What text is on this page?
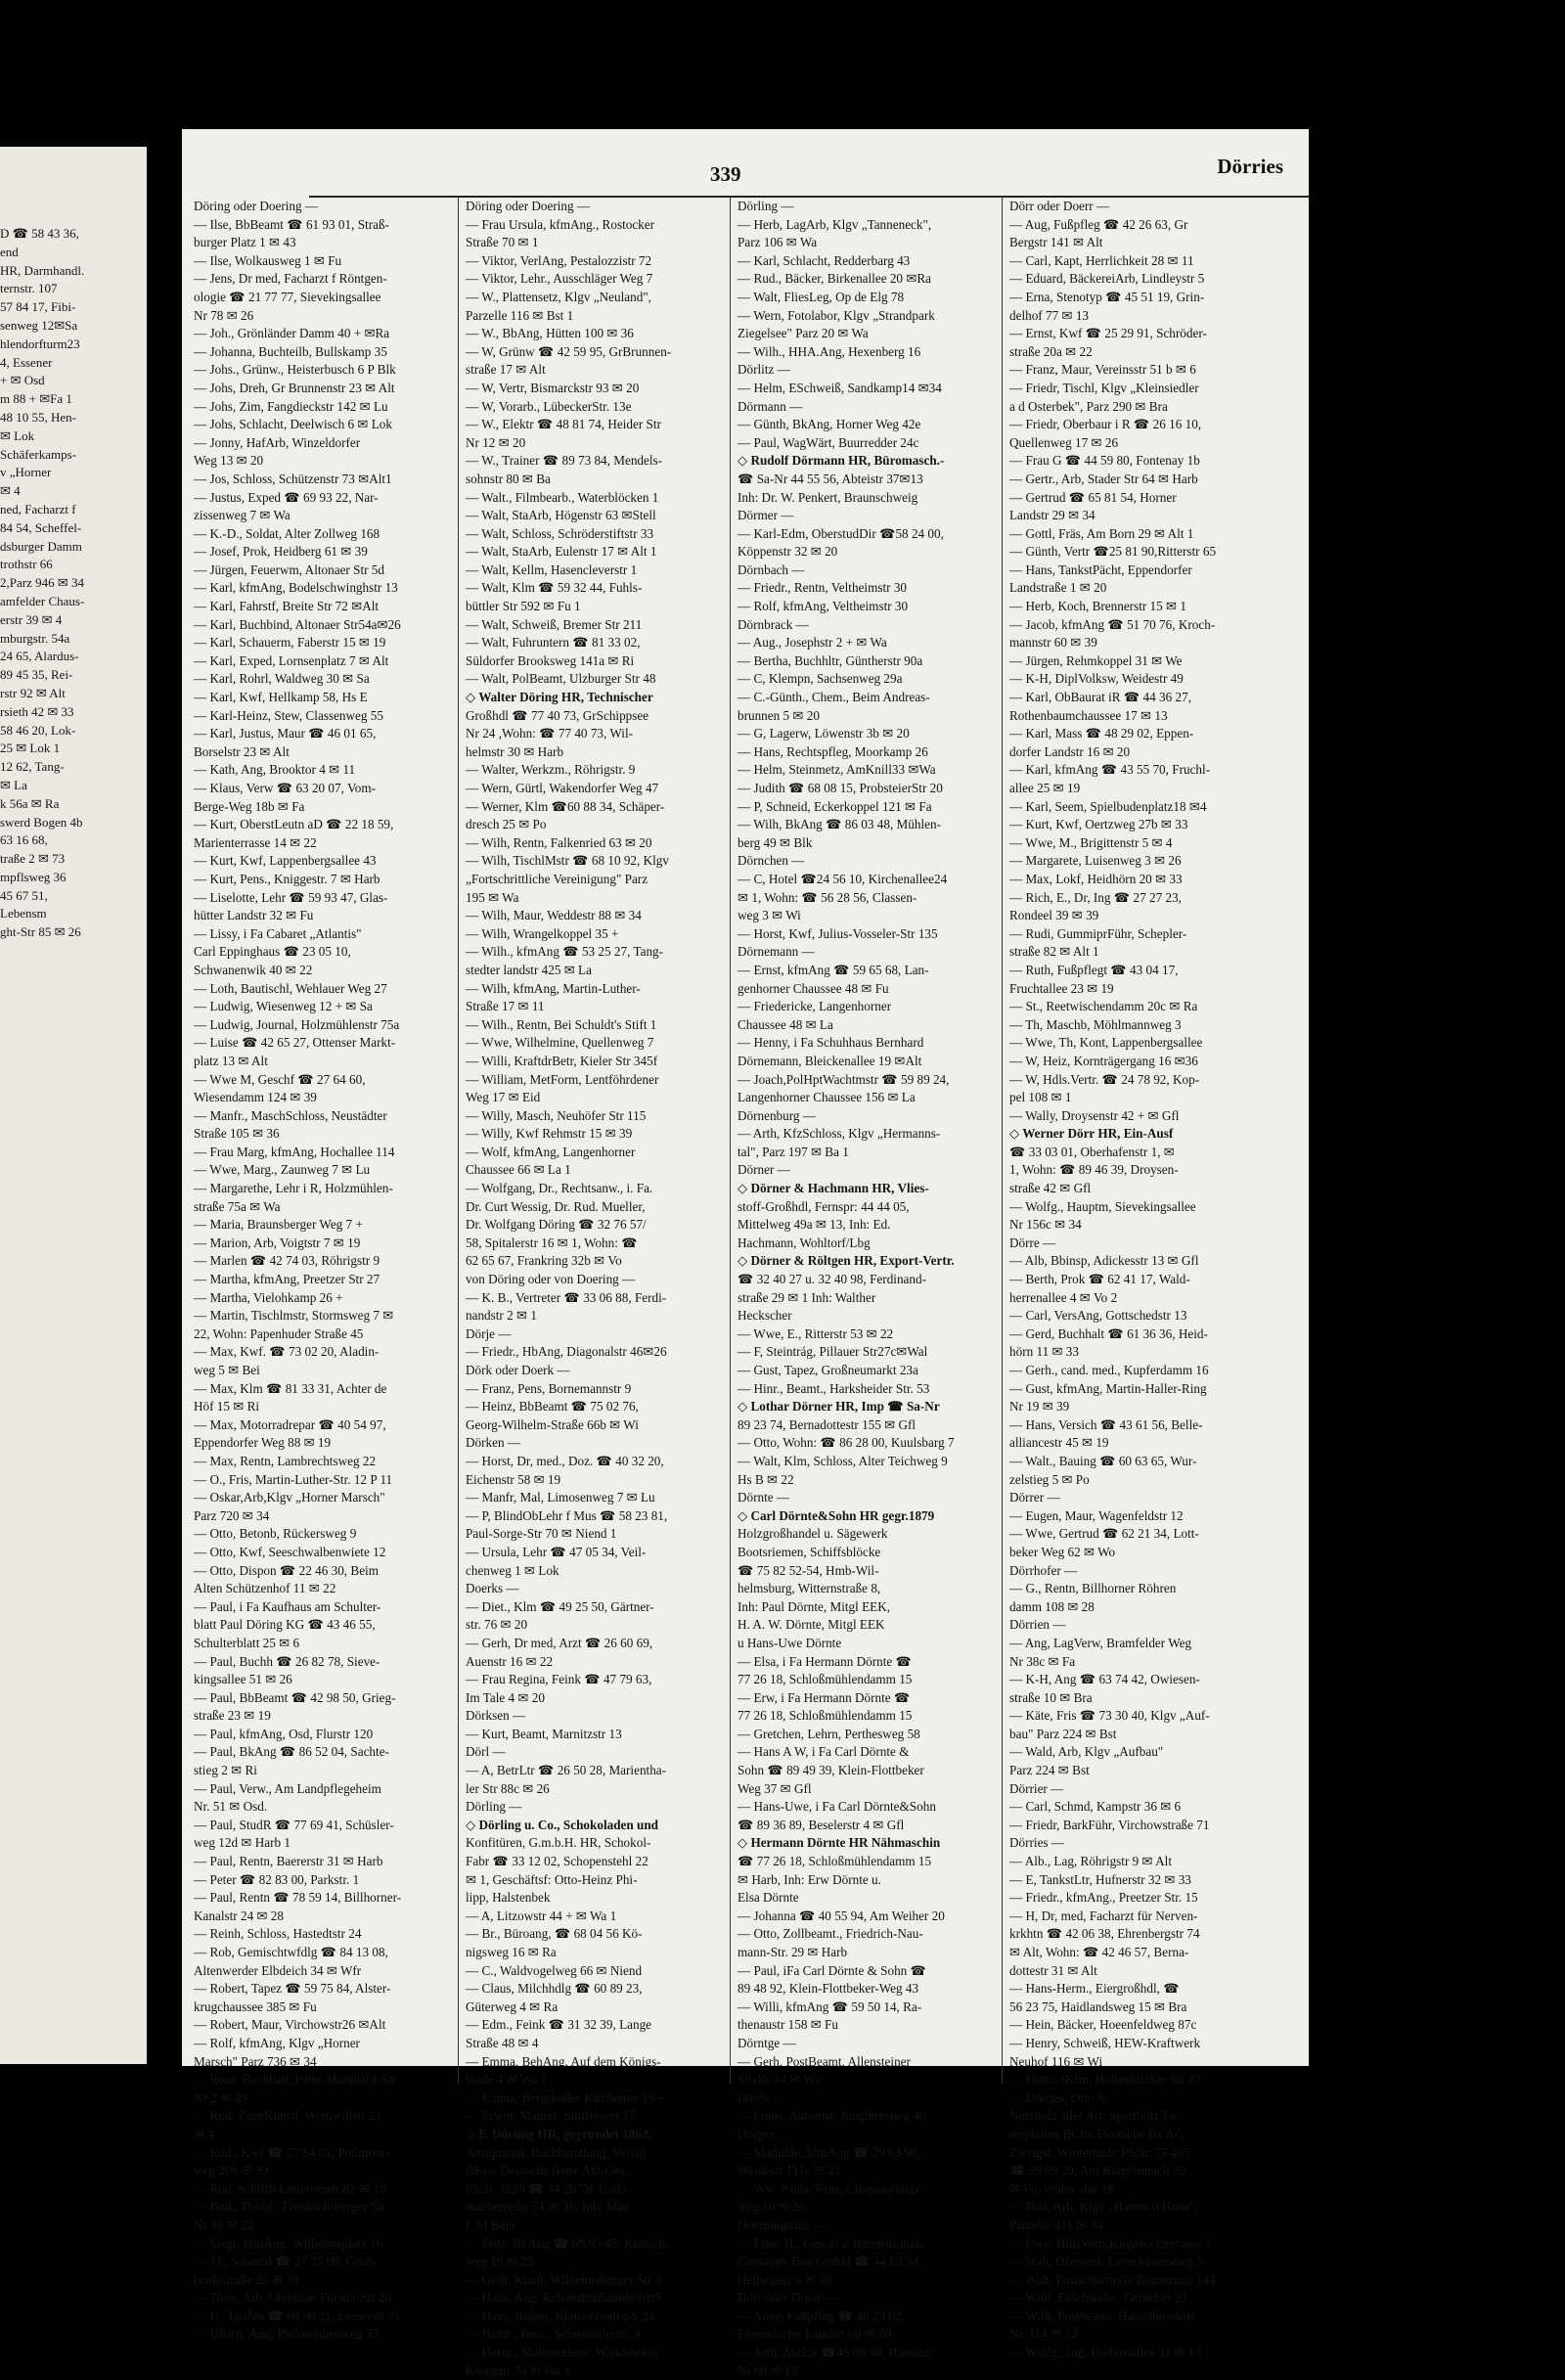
D ☎ 58 43 36,
end
HR, Darmhandl.
ternstr. 107
57 84 17, Fibi-
senweg 12✉Sa
hlendorfturm23
4, Essener
+ ✉ Osd
m 88 + ✉Fa 1
48 10 55, Hen-
✉ Lok
Schäferkamps-
v „Horner
✉ 4
ned, Facharzt f
84 54, Scheffel-
dsburger Damm
trothstr 66
2,Parz 946 ✉ 34
amfelder Chaus-
erstr 39 ✉ 4
mburgstr. 54a
24 65, Alardus-
89 45 35, Rei-
rstr 92 ✉ Alt
rsieth 42 ✉ 33
58 46 20, Lok-
25 ✉ Lok 1
12 62, Tang-
✉ La
k 56a ✉ Ra
swerd Bogen 4b
63 16 68,
traße 2 ✉ 73
mpflsweg 36
45 67 51,
Lebensm
ght-Str 85 ✉ 26
339	Dörries
Döring oder Doering —
— Ilse, BbBeamt ☎ 61 93 01, Straß-
burger Platz 1 ✉ 43
— Ilse, Wolkausweg 1 ✉ Fu
— Jens, Dr med, Facharzt f Röntgen-
ologie ☎ 21 77 77, Sievekingsallee
Nr 78 ✉ 26
— Joh., Grönländer Damm 40 + ✉Ra
— Johanna, Buchteilb, Bullskamp 35
— Johs., Grünw., Heisterbusch 6 P Blk
— Johs, Dreh, Gr Brunnenstr 23 ✉ Alt
— Johs, Zim, Fangdieckstr 142 ✉ Lu
— Johs, Schlacht, Deelwisch 6 ✉ Lok
— Jonny, HafArb, Winzeldorfer
Weg 13 ✉ 20
— Jos, Schloss, Schützenstr 73 ✉Alt1
— Justus, Exped ☎ 69 93 22, Nar-
zissenweg 7 ✉ Wa
— K.-D., Soldat, Alter Zollweg 168
— Josef, Prok, Heidberg 61 ✉ 39
— Jürgen, Feuerwm, Altonaer Str 5d
— Karl, kfmAng, Bodelschwinghstr 13
— Karl, Fahrstf, Breite Str 72 ✉Alt
— Karl, Buchbind, Altonaer Str54a✉26
— Karl, Schauerm, Faberstr 15 ✉ 19
— Karl, Exped, Lornsenplatz 7 ✉ Alt
— Karl, Rohrl, Waldweg 30 ✉ Sa
— Karl, Kwf, Hellkamp 58, Hs E
— Karl-Heinz, Stew, Classenweg 55
— Karl, Justus, Maur ☎ 46 01 65,
Borselstr 23 ✉ Alt
— Kath, Ang, Brooktor 4 ✉ 11
— Klaus, Verw ☎ 63 20 07, Vom-
Berge-Weg 18b ✉ Fa
— Kurt, OberstLeutn aD ☎ 22 18 59,
Marienterrasse 14 ✉ 22
— Kurt, Kwf, Lappenbergsallee 43
— Kurt, Pens., Kniggestr. 7 ✉ Harb
— Liselotte, Lehr ☎ 59 93 47, Glas-
hütter Landstr 32 ✉ Fu
— Lissy, i Fa Cabaret „Atlantis"
Carl Eppinghaus ☎ 23 05 10,
Schwanenwik 40 ✉ 22
— Loth, Bautischl, Wehlauer Weg 27
— Ludwig, Wiesenweg 12 + ✉ Sa
— Ludwig, Journal, Holzmühlenstr 75a
— Luise ☎ 42 65 27, Ottenser Markt-
platz 13 ✉ Alt
— Wwe M, Geschf ☎ 27 64 60,
Wiesendamm 124 ✉ 39
— Manfr., MaschSchloss, Neustädter
Straße 105 ✉ 36
— Frau Marg, kfmAng, Hochallee 114
— Wwe, Marg., Zaunweg 7 ✉ Lu
— Margarethe, Lehr i R, Holzmühlen-
straße 75a ✉ Wa
— Maria, Braunsberger Weg 7 +
— Marion, Arb, Voigtstr 7 ✉ 19
— Marlen ☎ 42 74 03, Röhrigstr 9
— Martha, kfmAng, Preetzer Str 27
— Martha, Vielohkamp 26 +
— Martin, Tischlmstr, Stormsweg 7 ✉
22, Wohn: Papenhuder Straße 45
— Max, Kwf. ☎ 73 02 20, Aladin-
weg 5 ✉ Bei
— Max, Klm ☎ 81 33 31, Achter de
Höf 15 ✉ Ri
— Max, Motorradrepar ☎ 40 54 97,
Eppendorfer Weg 88 ✉ 19
— Max, Rentn, Lambrechtsweg 22
— O., Fris, Martin-Luther-Str. 12 P 11
— Oskar,Arb,Klgv „Horner Marsch"
Parz 720 ✉ 34
— Otto, Betonb, Rückersweg 9
— Otto, Kwf, Seeschwalbenwiete 12
— Otto, Dispon ☎ 22 46 30, Beim
Alten Schützenhof 11 ✉ 22
— Paul, i Fa Kaufhaus am Schulter-
blatt Paul Döring KG ☎ 43 46 55,
Schulterblatt 25 ✉ 6
— Paul, Buchh ☎ 26 82 78, Sieve-
kingsallee 51 ✉ 26
— Paul, BbBeamt ☎ 42 98 50, Grieg-
straße 23 ✉ 19
— Paul, kfmAng, Osd, Flurstr 120
— Paul, BkAng ☎ 86 52 04, Sachte-
stieg 2 ✉ Ri
— Paul, Verw., Am Landpflegeheim
Nr. 51 ✉ Osd.
— Paul, StudR ☎ 77 69 41, Schüsler-
weg 12d ✉ Harb 1
— Paul, Rentn, Baererstr 31 ✉ Harb
— Peter ☎ 82 83 00, Parkstr. 1
— Paul, Rentn ☎ 78 59 14, Billhorner-
Kanalstr 24 ✉ 28
— Reinh, Schloss, Hastedtstr 24
— Rob, Gemischtwfdlg ☎ 84 13 08,
Altenwerder Elbdeich 34 ✉ Wfr
— Robert, Tapez ☎ 59 75 84, Alster-
krugchaussee 385 ✉ Fu
— Robert, Maur, Virchowstr26 ✉Alt
— Rolf, kfmAng, Klgv „Horner
Marsch" Parz 736 ✉ 34
— Rosa, Buchhalt, Peter-Marquard-Str
Nr 2 ✉ 39
— Rud, ZaubKünstl, Wohlwillstr 21
✉ 4
— Rud., Kwf ☎ 27 54 01, Poßmoor-
weg 20b ✉ 39
— Rud, Schiffb Lutterothstr 82 ✉ 19
— Rud., Tischl., Friedrichsberger Str
Nr 33 ✉ 22
— Siegr, kfmAng, Wilhelmsplatz 16
— Th, Schneid ☎ 27 35 09, Groß-
heidestraße 25 ✉ 39
— Theo, Arb, Christian-Förster-Str 20
— U., Heißm ☎ 68 90 21, Lesserstr 71
— Ulrich, Ang, Philosophenweg 33
Döring oder Doering —
— Frau Ursula, kfmAng., Rostocker
Straße 70 ✉ 1
— Viktor, VerlAng, Pestalozzistr 72
— Viktor, Lehr., Ausschläger Weg 7
— W., Plattensetz, Klgv „Neuland",
Parzelle 116 ✉ Bst 1
— W., BbAng, Hütten 100 ✉ 36
— W, Grünw ☎ 42 59 95, GrBrunnen-
straße 17 ✉ Alt
— W, Vertr, Bismarckstr 93 ✉ 20
— W, Vorarb., LübeckerStr. 13e
— W., Elektr ☎ 48 81 74, Heider Str
Nr 12 ✉ 20
— W., Trainer ☎ 89 73 84, Mendels-
sohnstr 80 ✉ Ba
— Walt., Filmbearb., Waterblöcken 1
— Walt, StaArb, Högenstr 63 ✉Stell
— Walt, Schloss, Schröderstiftstr 33
— Walt, StaArb, Eulenstr 17 ✉ Alt 1
— Walt, Kellm, Hasencleverstr 1
— Walt, Klm ☎ 59 32 44, Fuhls-
büttler Str 592 ✉ Fu 1
— Walt, Schweiß, Bremer Str 211
— Walt, Fuhruntern ☎ 81 33 02,
Süldorfer Brooksweg 141a ✉ Ri
— Walt, PolBeamt, Ulzburger Str 48
◇ Walter Döring HR, Technischer
Großhdl ☎ 77 40 73, GrSchippsee
Nr 24 ,Wohn: ☎ 77 40 73, Wil-
helmstr 30 ✉ Harb
— Walter, Werkzm., Röhrigstr. 9
— Wern, Gürtl, Wakendorfer Weg 47
— Werner, Klm ☎60 88 34, Schäper-
dresch 25 ✉ Po
— Wilh, Rentn, Falkenried 63 ✉ 20
— Wilh, TischlMstr ☎ 68 10 92, Klgv
„Fortschrittliche Vereinigung" Parz
195 ✉ Wa
— Wilh, Maur, Weddestr 88 ✉ 34
— Wilh, Wrangelkoppel 35 +
— Wilh., kfmAng ☎ 53 25 27, Tang-
stedter landstr 425 ✉ La
— Wilh, kfmAng, Martin-Luther-
Straße 17 ✉ 11
— Wilh., Rentn, Bei Schuldt's Stift 1
— Wwe, Wilhelmine, Quellenweg 7
— Willi, KraftdrBetr, Kieler Str 345f
— William, MetForm, Lentföhrdener
Weg 17 ✉ Eid
— Willy, Masch, Neuhöfer Str 115
— Willy, Kwf Rehmstr 15 ✉ 39
— Wolf, kfmAng, Langenhorner
Chaussee 66 ✉ La 1
— Wolfgang, Dr., Rechtsanw., i. Fa.
Dr. Curt Wessig, Dr. Rud. Mueller,
Dr. Wolfgang Döring ☎ 32 76 57/
58, Spitalerstr 16 ✉ 1, Wohn: ☎
62 65 67, Frankring 32b ✉ Vo
von Döring oder von Doering —
— K. B., Vertreter ☎ 33 06 88, Ferdi-
nandstr 2 ✉ 1
Dörje —
— Friedr., HbAng, Diagonalstr 46✉26
Dörk oder Doerk —
— Franz, Pens, Bornemannstr 9
— Heinz, BbBeamt ☎ 75 02 76,
Georg-Wilhelm-Straße 66b ✉ Wi
Dörken —
— Horst, Dr, med., Doz. ☎ 40 32 20,
Eichenstr 58 ✉ 19
— Manfr, Mal, Limosenweg 7 ✉ Lu
— P, BlindObLehr f Mus ☎ 58 23 81,
Paul-Sorge-Str 70 ✉ Niend 1
— Ursula, Lehr ☎ 47 05 34, Veil-
chenweg 1 ✉ Lok
Doerks —
— Diet., Klm ☎ 49 25 50, Gärtner-
str. 76 ✉ 20
— Gerh, Dr med, Arzt ☎ 26 60 69,
Auenstr 16 ✉ 22
— Frau Regina, Feink ☎ 47 79 63,
Im Tale 4 ✉ 20
Dörksen —
— Kurt, Beamt, Marnitzstr 13
Dörl —
— A, BetrLtr ☎ 26 50 28, Marientha-
ler Str 88c ✉ 26
Dörling —
◇ Dörling u. Co., Schokoladen und
Konfitüren, G.m.b.H. HR, Schokol-
Fabr ☎ 33 12 02, Schopenstehl 22
✉ 1, Geschäftsf: Otto-Heinz Phi-
lipp, Halstenbek
— A, Litzowstr 44 + ✉ Wa 1
— Br., Büroang, ☎ 68 04 56 Kö-
nigsweg 16 ✉ Ra
— C., Waldvogelweg 66 ✉ Niend
— Claus, Milchhdlg ☎ 60 89 23,
Güterweg 4 ✉ Ra
— Edm., Feink ☎ 31 32 39, Lange
Straße 48 ✉ 4
— Emma, BehAng, Auf dem Königs-
lande 4 ✉ Wa 1
— Emma, Bergstedter Kirchenstr 19 +
— Erwin, Maurer, Stüffeloort 17
◇ F. Dörling HR, gegründet 1862,
Antiquariat, Buchhandlung, Verlag
BKto: Deutsche Bank Akt-Ges.,
PSch: 1825 ☎ 34 26 78, Caffa-
macherreihe 51 ✉ 36, Inh: Max
L M Bähr
— Fritz, BkAng ☎ 69 93 45, Kranich-
weg 19 ✉ 23
— Gerh, Kranf, Wilhelmsburger Str 3
— Hans, Ang, RehstedterBahnhofstr5
— Hans, Beamt, Klaus-Groth-Str 24
— Heinr., Pens., Schweimlerstr. 4
— Herm., Malermeister, Wandsbeker
Königstr 74 ✉ Wa 1
Dörling —
— Herb, LagArb, Klgv „Tanneneck",
Parz 106 ✉ Wa
— Karl, Schlacht, Redderbarg 43
— Rud., Bäcker, Birkenallee 20 ✉Ra
— Walt, FliesLeg, Op de Elg 78
— Wern, Fotolabor, Klgv „Strandpark
Ziegelsee" Parz 20 ✉ Wa
— Wilh., HHA.Ang, Hexenberg 16
Dörlitz —
— Helm, ESchweiß, Sandkamp14 ✉34
Dörmann —
— Günth, BkAng, Horner Weg 42e
— Paul, WagWärt, Buurredder 24c
◇ Rudolf Dörmann HR, Büromasch.-
☎ Sa-Nr 44 55 56, Abteistr 37✉13
Inh: Dr. W. Penkert, Braunschweig
Dörmer —
— Karl-Edm, OberstudDir ☎58 24 00,
Köppenstr 32 ✉ 20
Dörnbach —
— Friedr., Rentn, Veltheimstr 30
— Rolf, kfmAng, Veltheimstr 30
Dörnbrack —
— Aug., Josephstr 2 + ✉ Wa
— Bertha, Buchhltr, Güntherstr 90a
— C, Klempn, Sachsenweg 29a
— C.-Günth., Chem., Beim Andreas-
brunnen 5 ✉ 20
— G, Lagerw, Löwenstr 3b ✉ 20
— Hans, Rechtspfleg, Moorkamp 26
— Helm, Steinmetz, AmKnill33 ✉Wa
— Judith ☎ 68 08 15, ProbsteierStr 20
— P, Schneid, Eckerkoppel 121 ✉ Fa
— Wilh, BkAng ☎ 86 03 48, Mühlen-
berg 49 ✉ Blk
Dörnchen —
— C, Hotel ☎24 56 10, Kirchenallee24
✉ 1, Wohn: ☎ 56 28 56, Classen-
weg 3 ✉ Wi
— Horst, Kwf, Julius-Vosseler-Str 135
Dörnemann —
— Ernst, kfmAng ☎ 59 65 68, Lan-
genhorner Chaussee 48 ✉ Fu
— Friedericke, Langenhorner
Chaussee 48 ✉ La
— Henny, i Fa Schuhhaus Bernhard
Dörnemann, Bleickenallee 19 ✉Alt
— Joach,PolHptWachtmstr ☎ 59 89 24,
Langenhorner Chaussee 156 ✉ La
Dörnenburg —
— Arth, KfzSchloss, Klgv „Hermanns-
tal", Parz 197 ✉ Ba 1
Dörner —
◇ Dörner & Hachmann HR, Vlies-
stoff-Großhdl, Fernspr: 44 44 05,
Mittelweg 49a ✉ 13, Inh: Ed.
Hachmann, Wohltorf/Lbg
◇ Dörner & Röltgen HR, Export-Vertr.
☎ 32 40 27 u. 32 40 98, Ferdinand-
straße 29 ✉ 1 Inh: Walther
Heckscher
— Wwe, E., Ritterstr 53 ✉ 22
— F, Steintrág, Pillauer Str27c✉Wal
— Gust, Tapez, Großneumarkt 23a
— Hinr., Beamt., Harksheider Str. 53
◇ Lothar Dörner HR, Imp ☎ Sa-Nr
89 23 74, Bernadottestr 155 ✉ Gfl
— Otto, Wohn: ☎ 86 28 00, Kuulsbarg 7
— Walt, Klm, Schloss, Alter Teichweg 9
Hs B ✉ 22
Dörnte —
◇ Carl Dörnte&Sohn HR gegr.1879
Holzgroßhandel u. Sägewerk
Bootsriemen, Schiffsblöcke
☎ 75 82 52-54, Hmb-Wil-
helmsburg, Witternstraße 8,
Inh: Paul Dörnte, Mitgl EEK,
H. A. W. Dörnte, Mitgl EEK
u Hans-Uwe Dörnte
— Elsa, i Fa Hermann Dörnte ☎
77 26 18, Schloßmühlendamm 15
— Erw, i Fa Hermann Dörnte ☎
77 26 18, Schloßmühlendamm 15
— Gretchen, Lehrn, Perthesweg 58
— Hans A W, i Fa Carl Dörnte &
Sohn ☎ 89 49 39, Klein-Flottbeker
Weg 37 ✉ Gfl
— Hans-Uwe, i Fa Carl Dörnte&Sohn
☎ 89 36 89, Beselerstr 4 ✉ Gfl
◇ Hermann Dörnte HR Nähmaschin
☎ 77 26 18, Schloßmühlendamm 15
✉ Harb, Inh: Erw Dörnte u.
Elsa Dörnte
— Johanna ☎ 40 55 94, Am Weiher 20
— Otto, Zollbeamt., Friedrich-Nau-
mann-Str. 29 ✉ Harb
— Paul, iFa Carl Dörnte & Sohn ☎
89 48 92, Klein-Flottbeker-Weg 43
— Willi, kfmAng ☎ 59 50 14, Ra-
thenaustr 158 ✉ Fu
Dörntge —
— Gerh, PostBeamt, Allensteiner
Straße 14 ✉ Wa
Dörös —
— Louis, Automat, Jungfernstieg 40
Dörper —
— Mathilde, kfmAng ☎ 29 63 90,
Weidestr 111c ✉ 22
— Ww, Paula, Pens, Chapeaurouge-
weg 10 ✉ 26
Doerpinghaus —
— Ernst H., Geschf d Internationale
Container Bau GmbH ☎ 44 63 34,
Hellwigstr 6 ✉ 20
Dörr oder Doerr —
— Anne, Fußpfleg ☎ 48 29 02,
Eppendorfer Landstr 60 ✉ 20
— Arth, AbtLtr ☎45 06 40, Hansastr
Nr 60 ✉ 13
Dörr oder Doerr —
— Aug, Fußpfleg ☎ 42 26 63, Gr
Bergstr 141 ✉ Alt
— Carl, Kapt, Herrlichkeit 28 ✉ 11
— Eduard, BäckereiArb, Lindleystr 5
— Erna, Stenotyp ☎ 45 51 19, Grin-
delhof 77 ✉ 13
— Ernst, Kwf ☎ 25 29 91, Schröder-
straße 20a ✉ 22
— Franz, Maur, Vereinsstr 51 b ✉ 6
— Friedr, Tischl, Klgv „Kleinsiedler
a d Osterbek", Parz 290 ✉ Bra
— Friedr, Oberbaur i R ☎ 26 16 10,
Quellenweg 17 ✉ 26
— Frau G ☎ 44 59 80, Fontenay 1b
— Gertr., Arb, Stader Str 64 ✉ Harb
— Gertrud ☎ 65 81 54, Horner
Landstr 29 ✉ 34
— Gottl, Fräs, Am Born 29 ✉ Alt 1
— Günth, Vertr ☎25 81 90,Ritterstr 65
— Hans, TankstPächt, Eppendorfer
Landstraße 1 ✉ 20
— Herb, Koch, Brennerstr 15 ✉ 1
— Jacob, kfmAng ☎ 51 70 76, Kroch-
mannstr 60 ✉ 39
— Jürgen, Rehmkoppel 31 ✉ We
— K-H, DiplVolksw, Weidestr 49
— Karl, ObBaurat iR ☎ 44 36 27,
Rothenbaumchaussee 17 ✉ 13
— Karl, Mass ☎ 48 29 02, Eppen-
dorfer Landstr 16 ✉ 20
— Karl, kfmAng ☎ 43 55 70, Fruchl-
allee 25 ✉ 19
— Karl, Seem, Spielbudenplatz18 ✉4
— Kurt, Kwf, Oertzweg 27b ✉ 33
— Wwe, M., Brigittenstr 5 ✉ 4
— Margarete, Luisenweg 3 ✉ 26
— Max, Lokf, Heidhörn 20 ✉ 33
— Rich, E., Dr, Ing ☎ 27 27 23,
Rondeel 39 ✉ 39
— Rudi, GummiprFühr, Schepler-
straße 82 ✉ Alt 1
— Ruth, Fußpflegt ☎ 43 04 17,
Fruchtallee 23 ✉ 19
— St., Reetwischendamm 20c ✉ Ra
— Th, Maschb, Möhlmannweg 3
— Wwe, Th, Kont, Lappenbergsallee
— W, Heiz, Kornträgergang 16 ✉36
— W, Hdls.Vertr. ☎ 24 78 92, Kop-
pel 108 ✉ 1
— Wally, Droysenstr 42 + ✉ Gfl
◇ Werner Dörr HR, Ein-Ausf
☎ 33 03 01, Oberhafenstr 1, ✉
1, Wohn: ☎ 89 46 39, Droysen-
straße 42 ✉ Gfl
— Wolfg., Hauptm, Sievekingsallee
Nr 156c ✉ 34
Dörre —
— Alb, Bbinsp, Adickesstr 13 ✉ Gfl
— Berth, Prok ☎ 62 41 17, Wald-
herrenallee 4 ✉ Vo 2
— Carl, VersAng, Gottschedstr 13
— Gerd, Buchhalt ☎ 61 36 36, Heid-
hörn 11 ✉ 33
— Gerh., cand. med., Kupferdamm 16
— Gust, kfmAng, Martin-Haller-Ring
Nr 19 ✉ 39
— Hans, Versich ☎ 43 61 56, Belle-
alliancestr 45 ✉ 19
— Walt., Bauing ☎ 60 63 65, Wur-
zelstieg 5 ✉ Po
Dörrer —
— Eugen, Maur, Wagenfeldstr 12
— Wwe, Gertrud ☎ 62 21 34, Lott-
beker Weg 62 ✉ Wo
Dörrhofer —
— G., Rentn, Billhorner Röhren
damm 108 ✉ 28
Dörrien —
— Ang, LagVerw, Bramfelder Weg
Nr 38c ✉ Fa
— K-H, Ang ☎ 63 74 42, Owiesen-
straße 10 ✉ Bra
— Käte, Fris ☎ 73 30 40, Klgv „Auf-
bau" Parz 224 ✉ Bst
— Wald, Arb, Klgv „Aufbau"
Parz 224 ✉ Bst
Dörrier —
— Carl, Schmd, Kampstr 36 ✉ 6
— Friedr, BarkFühr, Virchowstraße 71
Dörries —
— Alb., Lag, Röhrigstr 9 ✉ Alt
— E, TankstLtr, Hufnerstr 32 ✉ 33
— Friedr., kfmAng., Preetzer Str. 15
— H, Dr, med, Facharzt für Nerven-
krkhtn ☎ 42 06 38, Ehrenbergstr 74
✉ Alt, Wohn: ☎ 42 46 57, Berna-
dottestr 31 ✉ Alt
— Hans-Herm., Eiergroßhdl, ☎
56 23 75, Haidlandsweg 15 ✉ Bra
— Hein, Bäcker, Hoeenfeldweg 87c
— Henry, Schweiß, HEW-Kraftwerk
Neuhof 116 ✉ Wi
— Herm, tKfm, Holtenklinker Str 45
— Dörries, Otto A.
Nutzholz aller Art, Sperrholz Fa-
serplatten BCto: Deutsche Bk AG
Zweigst. Winterhude PSch: 75 485
☎ 59 89 29, Am Karpfenteich 20
✉ Fu, Wohn: das 18
— Rud, Arb, Klgv „Hamm u Horn",
Parzelle 411 ✉ 34
— Uwe, HdlsVertr,Klopstockterrasse 1
— Walt, Ofensetz, Leverkusenstieg 5
— Walt, Postschaffn,Gr Brunnenstr 144
— Willi, ElSchweiss, Geibelstr 23
— Willi, Postbeamt, Hasselbrookstr
Nr. 114 ✉ 22
— Wolfg., Ing, Brahmsallee 31 ✉ 13
